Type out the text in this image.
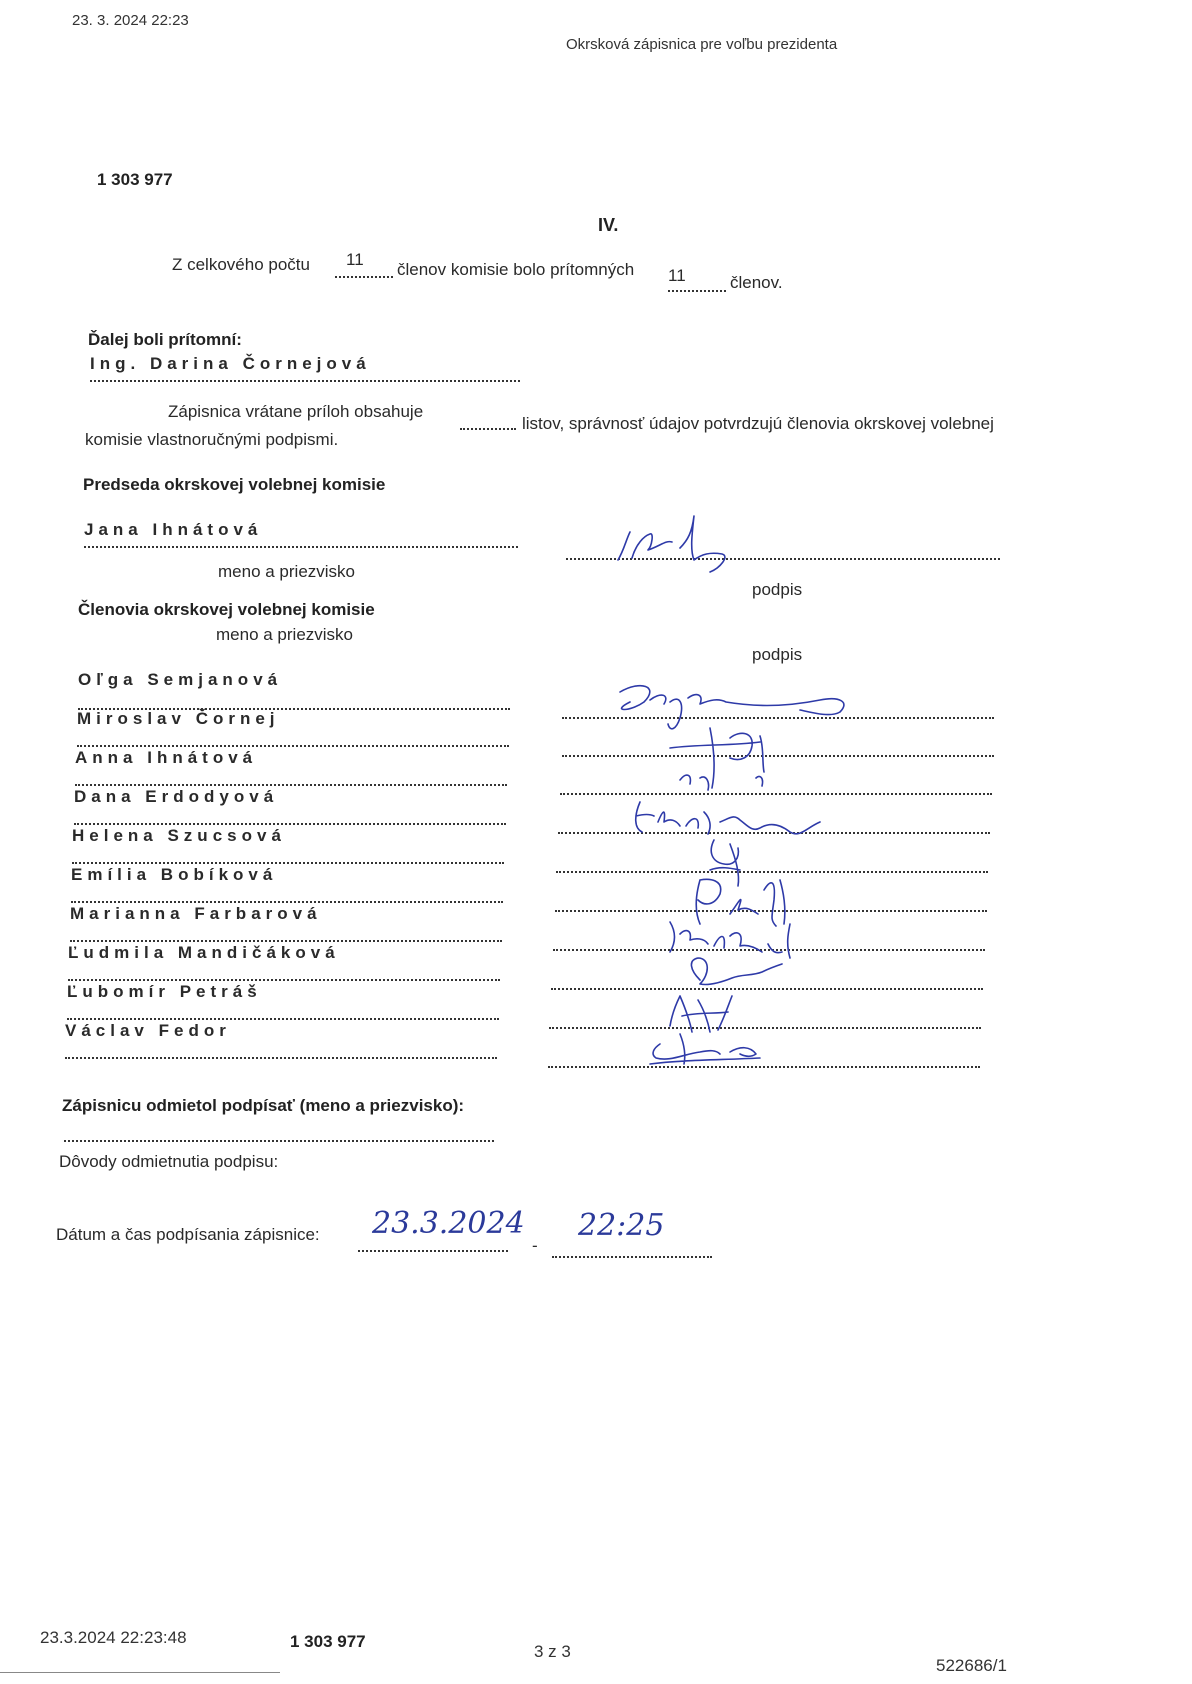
23. 3. 2024 22:23
Okrsková zápisnica pre voľbu prezidenta
1 303 977
IV.
Z celkového počtu 11
členov komisie bolo prítomných 11	členov.
Ďalej boli prítomní:
Ing. Darina Čornejová
Zápisnica vrátane príloh obsahuje
listov, správnosť údajov potvrdzujú členovia okrskovej volebnej
komisie vlastnoručnými podpismi.
Predseda okrskovej volebnej komisie
Jana Ihnátová
meno a priezvisko
podpis
Členovia okrskovej volebnej komisie
meno a priezvisko
podpis
Oľga Semjanová
Miroslav Čornej
Anna Ihnátová
Dana Erdodyová
Helena Szucsová
Emília Bobíková
Marianna Farbarová
Ľudmila Mandičáková
Ľubomír Petráš
Václav Fedor
Zápisnicu odmietol podpísať (meno a priezvisko):
Dôvody odmietnutia podpisu:
Dátum a čas podpísania zápisnice: 23.3.2024
-
22:25
23.3.2024 22:23:48	1 303 977
3 z 3
522686/1
